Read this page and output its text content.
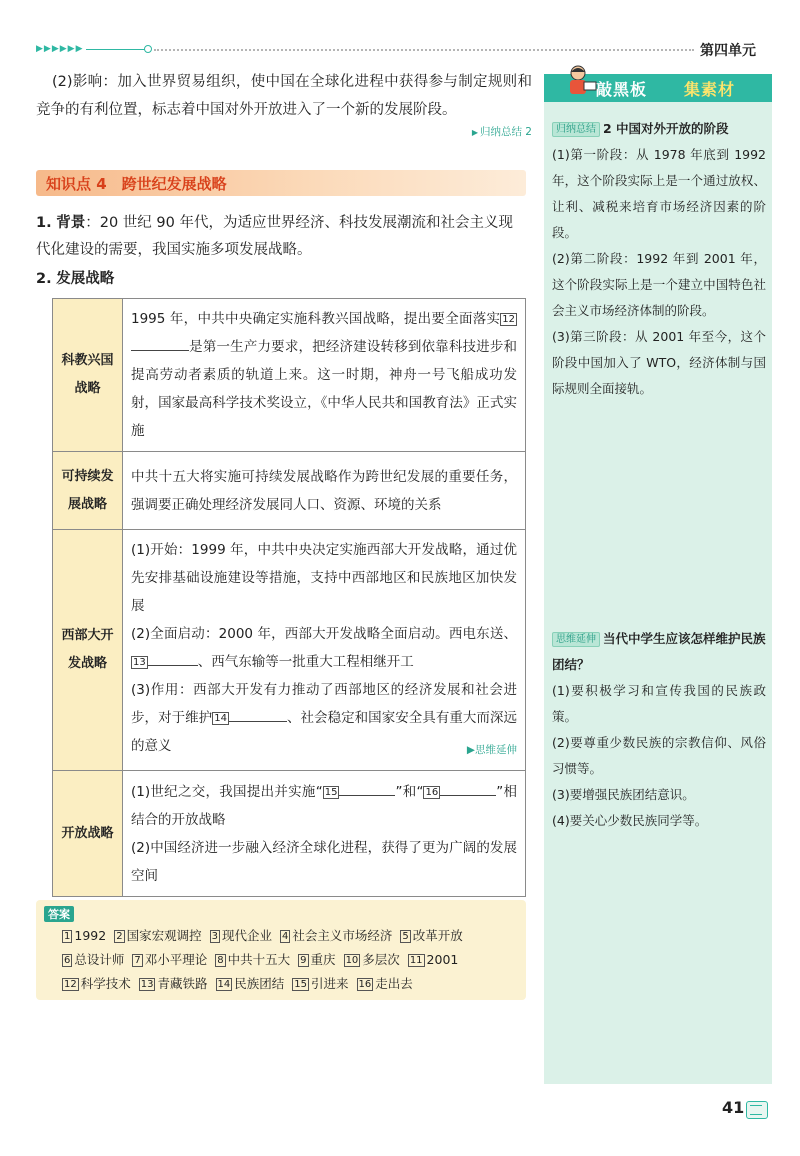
▶▶▶▶▶▶	第四单元

(2)影响：加入世界贸易组织，使中国在全球化进程中获得参与制定规则和竞争的有利位置，标志着中国对外开放进入了一个新的发展阶段。

▶ 归纳总结 2
知识点 4　跨世纪发展战略
1. 背景：20 世纪 90 年代，为适应世界经济、科技发展潮流和社会主义现代化建设的需要，我国实施多项发展战略。
2. 发展战略
科教兴国战略	1995 年，中共中央确定实施科教兴国战略，提出要全面落实 12是第一生产力要求，把经济建设转移到依靠科技进步和提高劳动者素质的轨道上来。这一时期，神舟一号飞船成功发射，国家最高科学技术奖设立，《中华人民共和国教育法》正式实施
可持续发展战略	中共十五大将实施可持续发展战略作为跨世纪发展的重要任务，强调要正确处理经济发展同人口、资源、环境的关系
西部大开发战略	(1)开始：1999 年，中共中央决定实施西部大开发战略，通过优先安排基础设施建设等措施，支持中西部地区和民族地区加快发展
(2)全面启动：2000 年，西部大开发战略全面启动。西电东送、13 、西气东输等一批重大工程相继开工
(3)作用：西部大开发有力推动了西部地区的经济发展和社会进步，对于维护 14 、社会稳定和国家安全具有重大而深远的意义 ▶思维延伸

开放战略	(1)世纪之交，我国提出并实施“ 15 ”和“ 16 ”相结合的开放战略
(2)中国经济进一步融入经济全球化进程，获得了更为广阔的发展空间
答案
1 1992 2 国家宏观调控 3 现代企业 4 社会主义市场经济 5 改革开放
6 总设计师 7 邓小平理论 8 中共十五大 9 重庆 10 多层次 11 2001
12 科学技术 13 青藏铁路 14 民族团结 15 引进来 16 走出去
敲黑板 集素材
归纳总结 2 中国对外开放的阶段

(1)第一阶段：从 1978 年底到 1992 年，这个阶段实际上是一个通过放权、让利、减税来培育市场经济因素的阶段。

(2)第二阶段：1992 年到 2001 年，这个阶段实际上是一个建立中国特色社会主义市场经济体制的阶段。

(3)第三阶段：从 2001 年至今，这个阶段中国加入了 WTO，经济体制与国际规则全面接轨。

思维延伸 当代中学生应该怎样维护民族团结？

(1)要积极学习和宣传我国的民族政策。

(2)要尊重少数民族的宗教信仰、风俗习惯等。

(3)要增强民族团结意识。

(4)要关心少数民族同学等。

41
